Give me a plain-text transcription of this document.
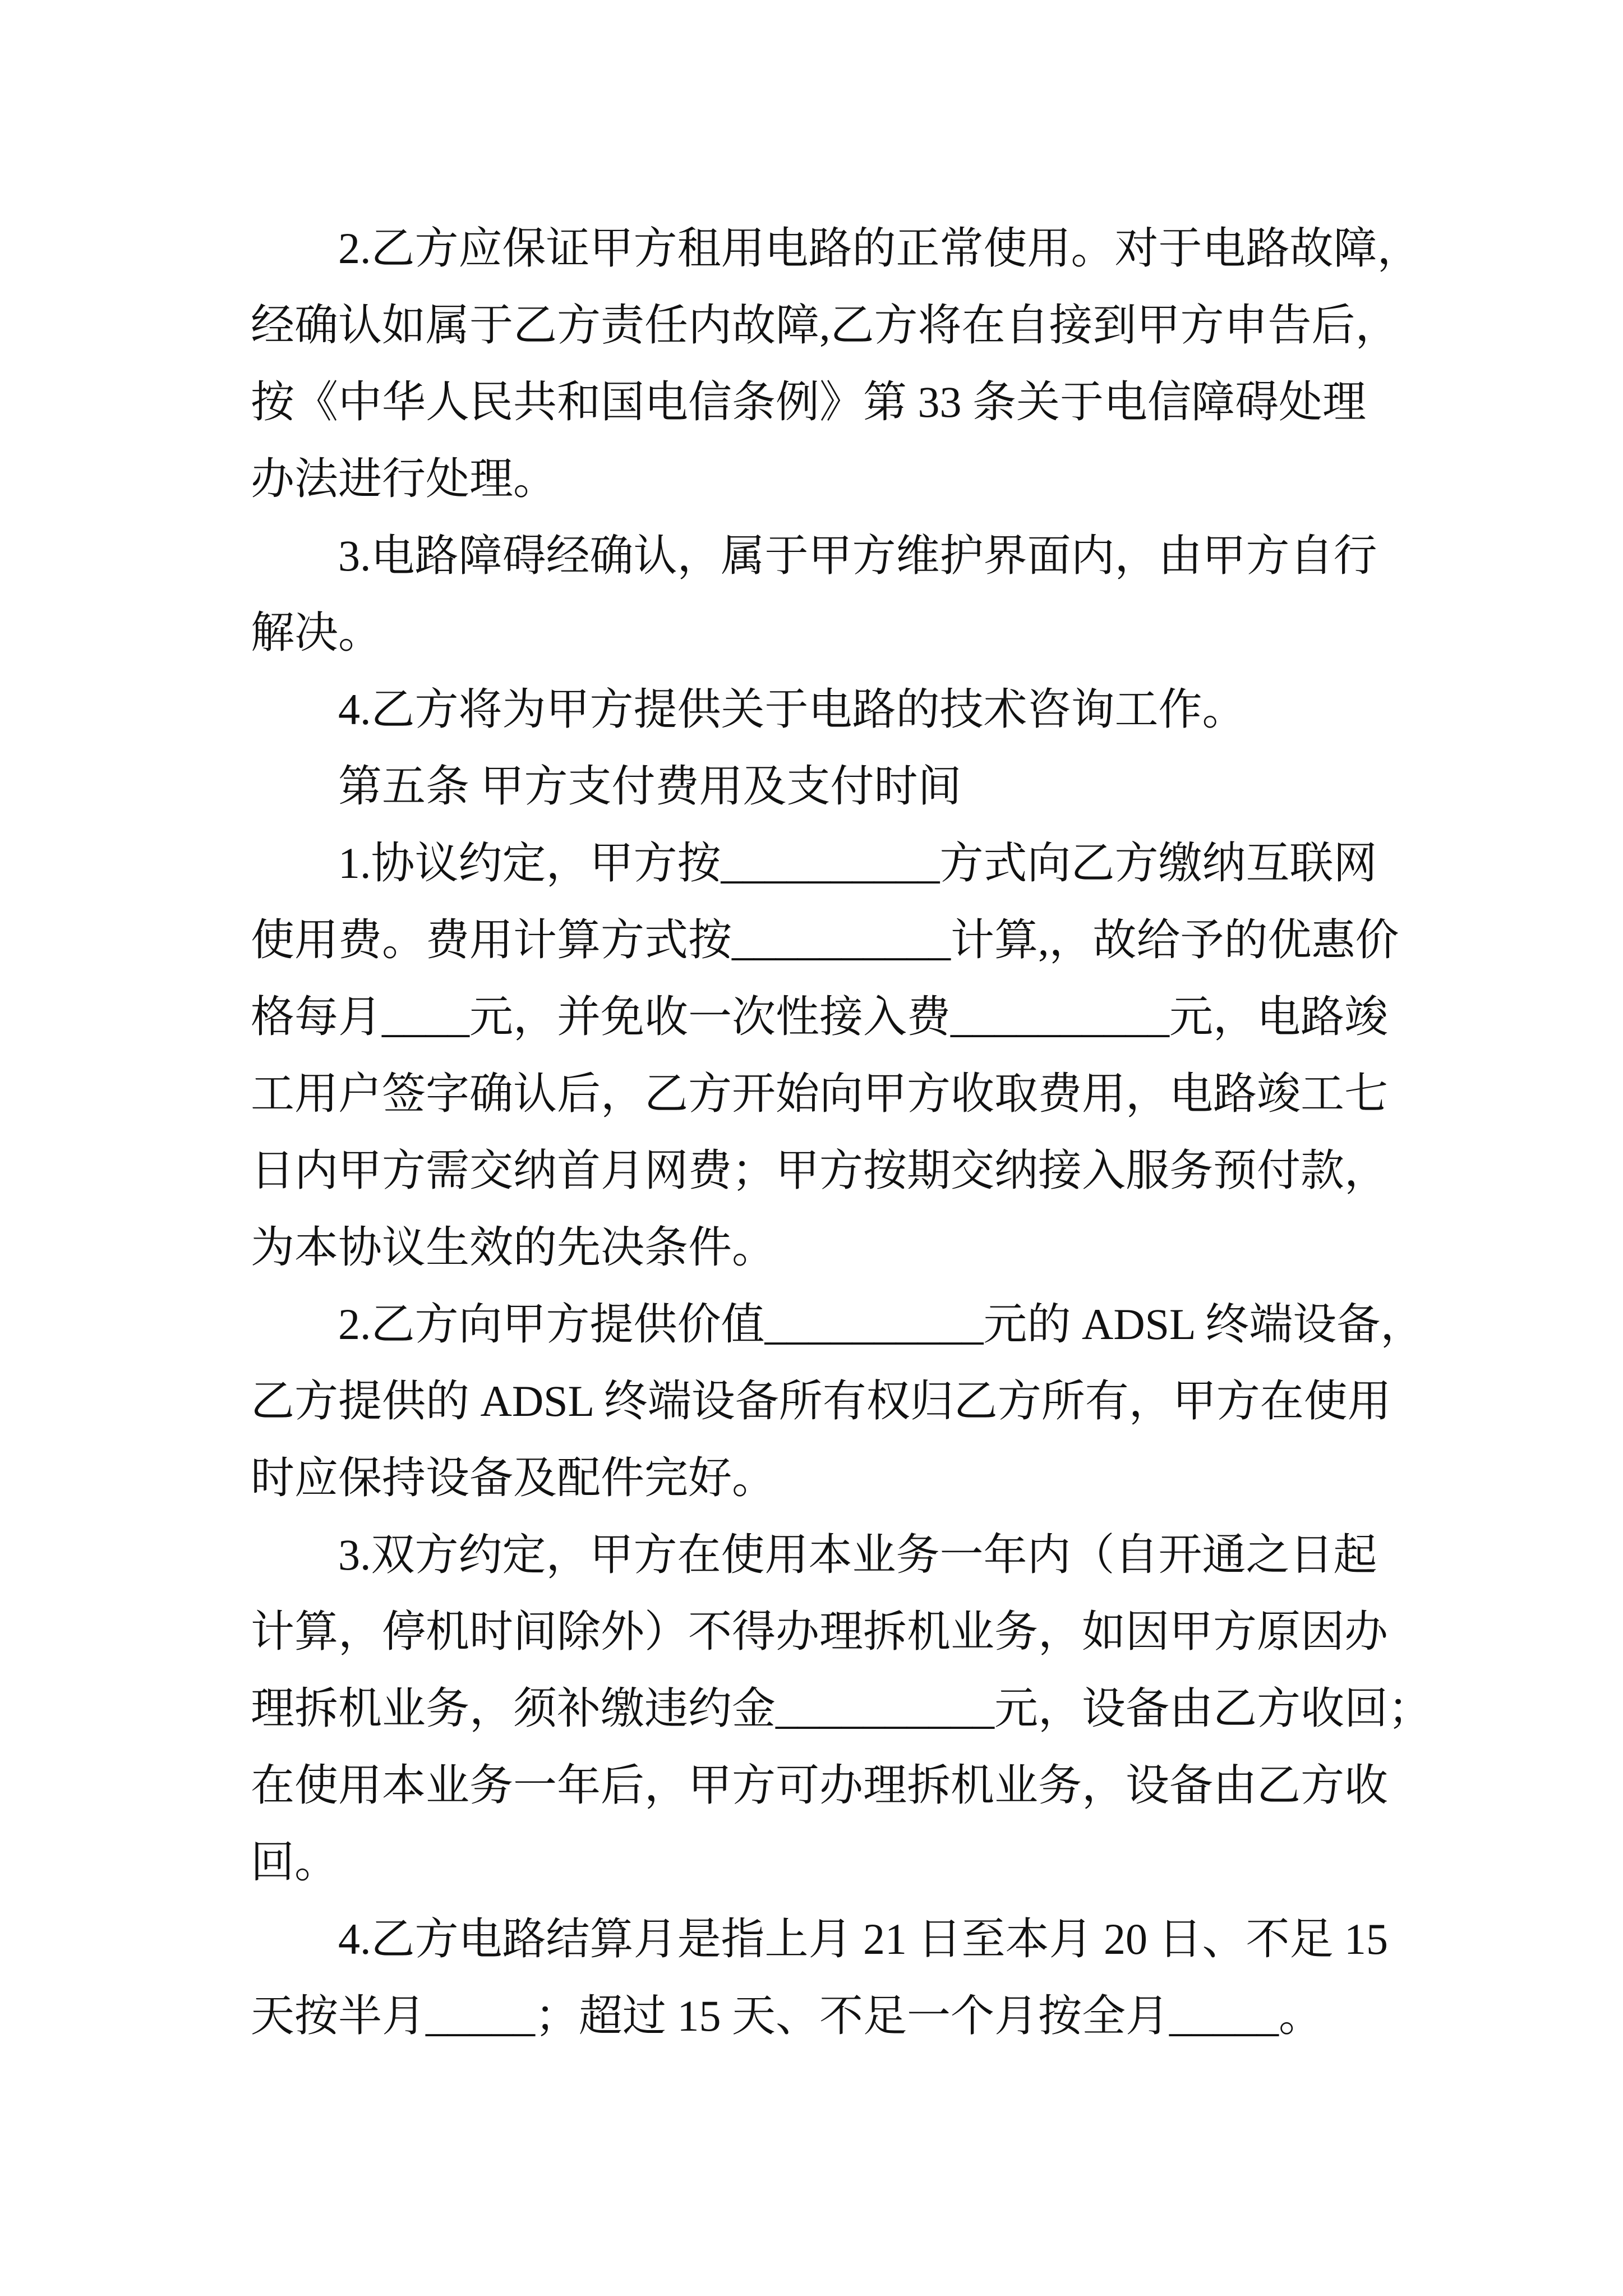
2.乙方应保证甲方租用电路的正常使用。对于电路故障，
经确认如属于乙方责任内故障,乙方将在自接到甲方申告后，
按《中华人民共和国电信条例》第 33 条关于电信障碍处理
办法进行处理。
3.电路障碍经确认，属于甲方维护界面内，由甲方自行
解决。
4.乙方将为甲方提供关于电路的技术咨询工作。
第五条 甲方支付费用及支付时间
1.协议约定，甲方按__________方式向乙方缴纳互联网
使用费。费用计算方式按__________计算,，故给予的优惠价
格每月____元，并免收一次性接入费__________元，电路竣
工用户签字确认后，乙方开始向甲方收取费用，电路竣工七
日内甲方需交纳首月网费；甲方按期交纳接入服务预付款，
为本协议生效的先决条件。
2.乙方向甲方提供价值__________元的 ADSL 终端设备，
乙方提供的 ADSL 终端设备所有权归乙方所有，甲方在使用
时应保持设备及配件完好。
3.双方约定，甲方在使用本业务一年内（自开通之日起
计算，停机时间除外）不得办理拆机业务，如因甲方原因办
理拆机业务，须补缴违约金__________元，设备由乙方收回；
在使用本业务一年后，甲方可办理拆机业务，设备由乙方收
回。
4.乙方电路结算月是指上月 21 日至本月 20 日、不足 15
天按半月_____；超过 15 天、不足一个月按全月_____。
